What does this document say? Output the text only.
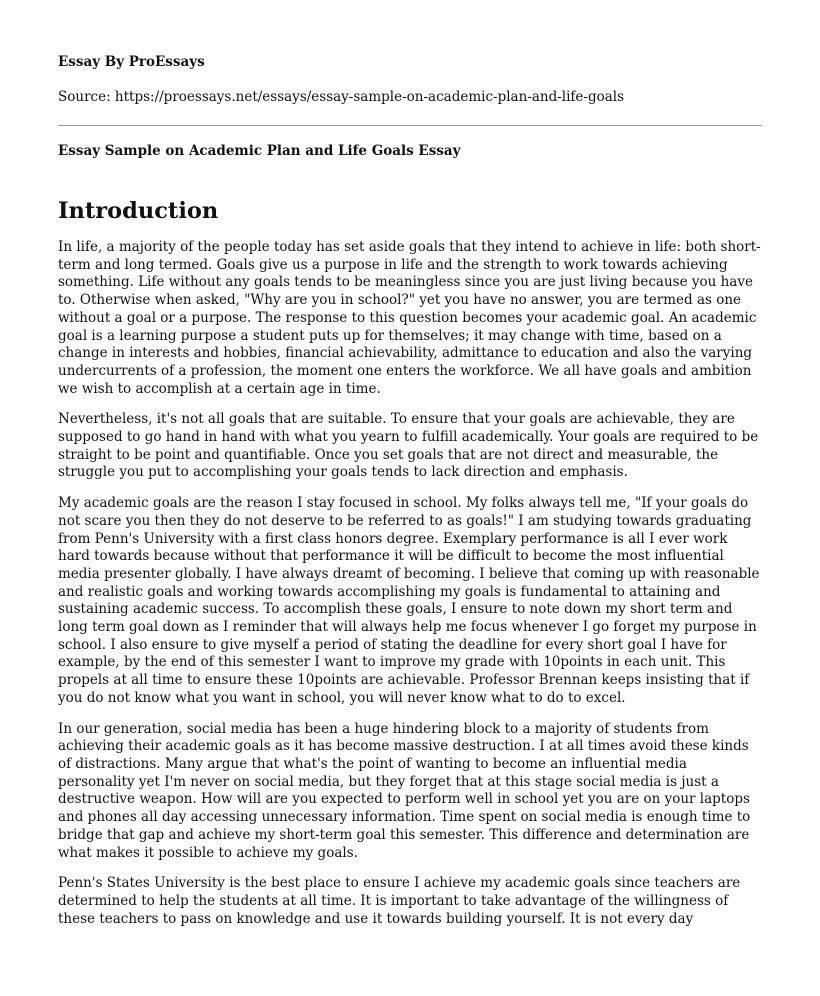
Essay By ProEssays

Source: https://proessays.net/essays/essay-sample-on-academic-plan-and-life-goals

Essay Sample on Academic Plan and Life Goals Essay

Introduction

In life, a majority of the people today has set aside goals that they intend to achieve in life: both short-term and long termed. Goals give us a purpose in life and the strength to work towards achieving something. Life without any goals tends to be meaningless since you are just living because you have to. Otherwise when asked, "Why are you in school?" yet you have no answer, you are termed as one without a goal or a purpose. The response to this question becomes your academic goal. An academic goal is a learning purpose a student puts up for themselves; it may change with time, based on a change in interests and hobbies, financial achievability, admittance to education and also the varying undercurrents of a profession, the moment one enters the workforce. We all have goals and ambition we wish to accomplish at a certain age in time.

Nevertheless, it's not all goals that are suitable. To ensure that your goals are achievable, they are supposed to go hand in hand with what you yearn to fulfill academically. Your goals are required to be straight to be point and quantifiable. Once you set goals that are not direct and measurable, the struggle you put to accomplishing your goals tends to lack direction and emphasis.

My academic goals are the reason I stay focused in school. My folks always tell me, "If your goals do not scare you then they do not deserve to be referred to as goals!" I am studying towards graduating from Penn's University with a first class honors degree. Exemplary performance is all I ever work hard towards because without that performance it will be difficult to become the most influential media presenter globally. I have always dreamt of becoming. I believe that coming up with reasonable and realistic goals and working towards accomplishing my goals is fundamental to attaining and sustaining academic success. To accomplish these goals, I ensure to note down my short term and long term goal down as I reminder that will always help me focus whenever I go forget my purpose in school. I also ensure to give myself a period of stating the deadline for every short goal I have for example, by the end of this semester I want to improve my grade with 10points in each unit. This propels at all time to ensure these 10points are achievable. Professor Brennan keeps insisting that if you do not know what you want in school, you will never know what to do to excel.

In our generation, social media has been a huge hindering block to a majority of students from achieving their academic goals as it has become massive destruction. I at all times avoid these kinds of distractions. Many argue that what's the point of wanting to become an influential media personality yet I'm never on social media, but they forget that at this stage social media is just a destructive weapon. How will are you expected to perform well in school yet you are on your laptops and phones all day accessing unnecessary information. Time spent on social media is enough time to bridge that gap and achieve my short-term goal this semester. This difference and determination are what makes it possible to achieve my goals.

Penn's States University is the best place to ensure I achieve my academic goals since teachers are determined to help the students at all time. It is important to take advantage of the willingness of these teachers to pass on knowledge and use it towards building yourself. It is not every day
